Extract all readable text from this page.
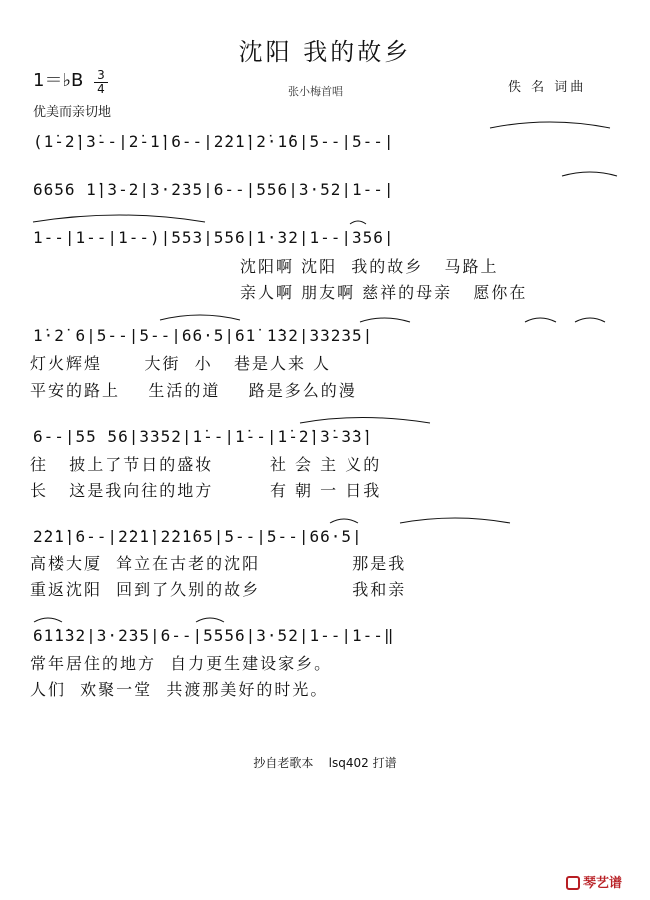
沈阳 我的故乡
1＝♭B 3
4	张小梅首唱	佚 名 词曲
优美而亲切地
(1̇-2̇|3̇--|2̇-1̇|6--|2̇2̇1̇|2̇·1̇6|5--|5--|
6656 1̇|3-2|3·235|6--|556|3·52|1--|
1--|1--|1--)|553|556|1·32|1--|356|
沈阳啊 沈阳  我的故乡   马路上
亲人啊 朋友啊 慈祥的母亲   愿你在
1̇·2̇ 6|5--|5--|66·5|61̇ 1̇32|33235|
灯火辉煌      大街  小   巷是人来 人
平安的路上    生活的道    路是多么的漫
6--|55 56|3352|1̇--|1̇--|1̇-2̇|3̇-3̇3̇|
往   披上了节日的盛妆        社 会 主 义的
长   这是我向往的地方        有 朝 一 日我
2̇2̇1̇|6--|2̇2̇1̇|2̇2̇1̇65|5--|5--|66·5|
高楼大厦  耸立在古老的沈阳             那是我
重返沈阳  回到了久别的故乡             我和亲
61̇1̇32|3·235|6--|5556|3·52|1--|1--‖
常年居住的地方  自力更生建设家乡。
人们  欢聚一堂  共渡那美好的时光。
抄自老歌本    lsq402 打谱
琴艺谱
